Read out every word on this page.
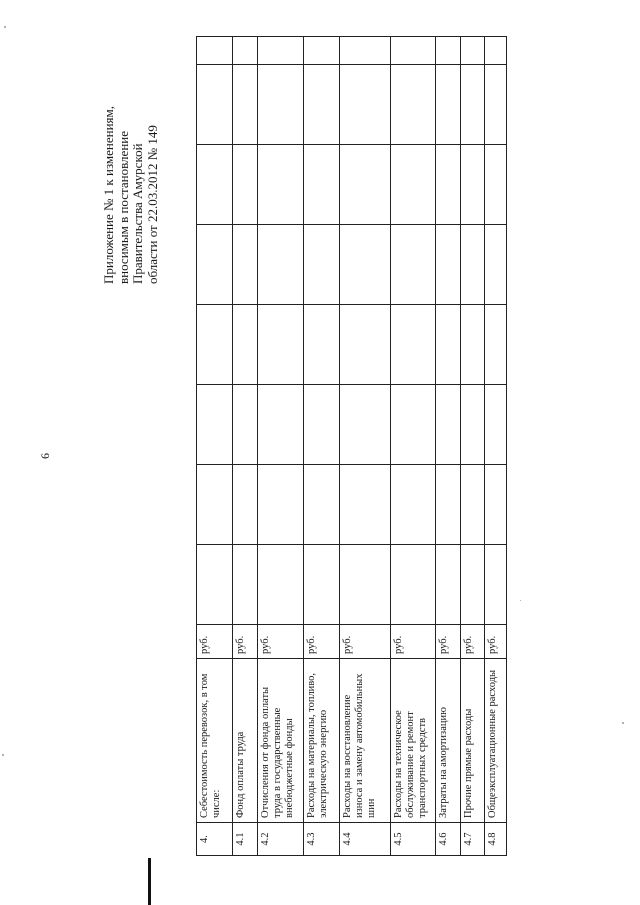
6
Приложение № 1 к изменениям, вносимым в постановление Правительства Амурской области от 22.03.2012 № 149
4.	Себестоимость перевозок, в том числе:	руб.								
4.1	Фонд оплаты труда	руб.								
4.2	Отчисления от фонда оплаты труда в государственные внебюджетные фонды	руб.								
4.3	Расходы на материалы, топливо, электрическую энергию	руб.								
4.4	Расходы на восстановление износа и замену автомобильных шин	руб.								
4.5	Расходы на техническое обслуживание и ремонт транспортных средств	руб.								
4.6	Затраты на амортизацию	руб.								
4.7	Прочие прямые расходы	руб.								
4.8	Общеэксплуатационные расходы	руб.								
